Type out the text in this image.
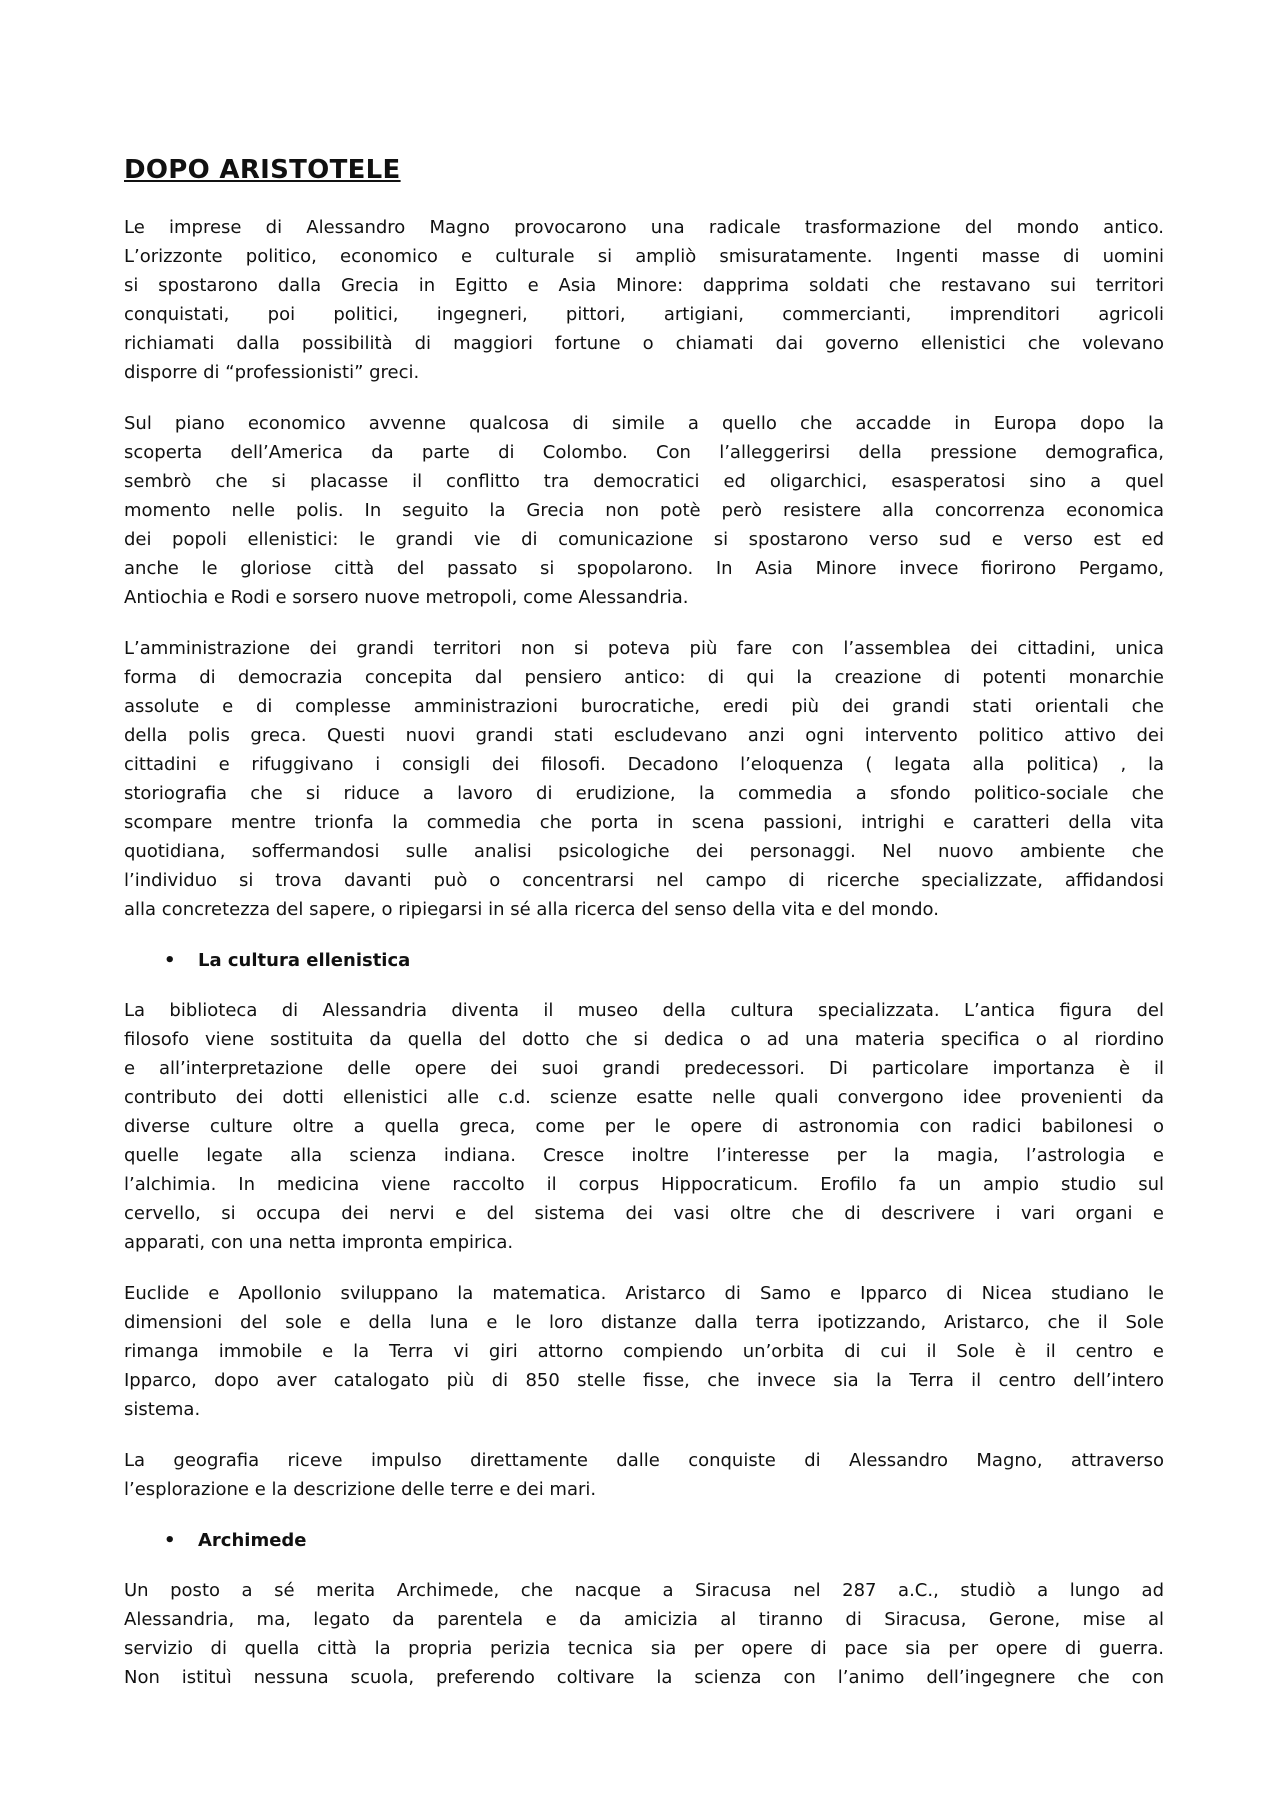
DOPO ARISTOTELE
Le imprese di Alessandro Magno provocarono una radicale trasformazione del mondo antico.
L’orizzonte politico, economico e culturale si ampliò smisuratamente. Ingenti masse di uomini
si spostarono dalla Grecia in Egitto e Asia Minore: dapprima soldati che restavano sui territori
conquistati, poi politici, ingegneri, pittori, artigiani, commercianti, imprenditori agricoli
richiamati dalla possibilità di maggiori fortune o chiamati dai governo ellenistici che volevano
disporre di “professionisti” greci.
Sul piano economico avvenne qualcosa di simile a quello che accadde in Europa dopo la
scoperta dell’America da parte di Colombo. Con l’alleggerirsi della pressione demografica,
sembrò che si placasse il conflitto tra democratici ed oligarchici, esasperatosi sino a quel
momento nelle polis. In seguito la Grecia non potè però resistere alla concorrenza economica
dei popoli ellenistici: le grandi vie di comunicazione si spostarono verso sud e verso est ed
anche le gloriose città del passato si spopolarono. In Asia Minore invece fiorirono Pergamo,
Antiochia e Rodi e sorsero nuove metropoli, come Alessandria.
L’amministrazione dei grandi territori non si poteva più fare con l’assemblea dei cittadini, unica
forma di democrazia concepita dal pensiero antico: di qui la creazione di potenti monarchie
assolute e di complesse amministrazioni burocratiche, eredi più dei grandi stati orientali che
della polis greca. Questi nuovi grandi stati escludevano anzi ogni intervento politico attivo dei
cittadini e rifuggivano i consigli dei filosofi. Decadono l’eloquenza ( legata alla politica) , la
storiografia che si riduce a lavoro di erudizione, la commedia a sfondo politico-sociale che
scompare mentre trionfa la commedia che porta in scena passioni, intrighi e caratteri della vita
quotidiana, soffermandosi sulle analisi psicologiche dei personaggi. Nel nuovo ambiente che
l’individuo si trova davanti può o concentrarsi nel campo di ricerche specializzate, affidandosi
alla concretezza del sapere, o ripiegarsi in sé alla ricerca del senso della vita e del mondo.
•	La cultura ellenistica
La biblioteca di Alessandria diventa il museo della cultura specializzata. L’antica figura del
filosofo viene sostituita da quella del dotto che si dedica o ad una materia specifica o al riordino
e all’interpretazione delle opere dei suoi grandi predecessori. Di particolare importanza è il
contributo dei dotti ellenistici alle c.d. scienze esatte nelle quali convergono idee provenienti da
diverse culture oltre a quella greca, come per le opere di astronomia con radici babilonesi o
quelle legate alla scienza indiana. Cresce inoltre l’interesse per la magia, l’astrologia e
l’alchimia. In medicina viene raccolto il corpus Hippocraticum. Erofilo fa un ampio studio sul
cervello, si occupa dei nervi e del sistema dei vasi oltre che di descrivere i vari organi e
apparati, con una netta impronta empirica.
Euclide e Apollonio sviluppano la matematica. Aristarco di Samo e Ipparco di Nicea studiano le
dimensioni del sole e della luna e le loro distanze dalla terra ipotizzando, Aristarco, che il Sole
rimanga immobile e la Terra vi giri attorno compiendo un’orbita di cui il Sole è il centro e
Ipparco, dopo aver catalogato più di 850 stelle fisse, che invece sia la Terra il centro dell’intero
sistema.
La geografia riceve impulso direttamente dalle conquiste di Alessandro Magno, attraverso
l’esplorazione e la descrizione delle terre e dei mari.
•	Archimede
Un posto a sé merita Archimede, che nacque a Siracusa nel 287 a.C., studiò a lungo ad
Alessandria, ma, legato da parentela e da amicizia al tiranno di Siracusa, Gerone, mise al
servizio di quella città la propria perizia tecnica sia per opere di pace sia per opere di guerra.
Non istituì nessuna scuola, preferendo coltivare la scienza con l’animo dell’ingegnere che con
